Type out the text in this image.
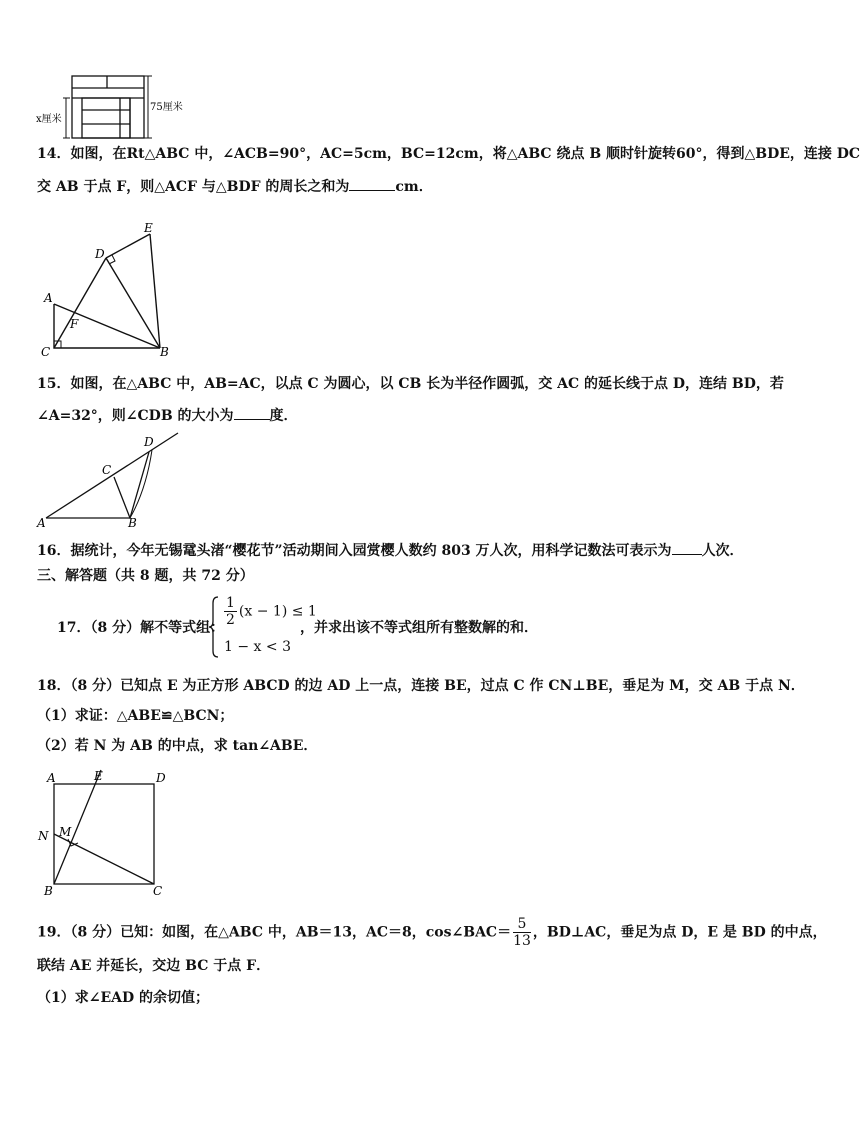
x厘米
75厘米
14．如图，在Rt△ABC 中，∠ACB=90°，AC=5cm，BC=12cm，将△ABC 绕点 B 顺时针旋转60°，得到△BDE，连接 DC
交 AB 于点 F，则△ACF 与△BDF 的周长之和为	cm．
E
D
A
F
C	B
15．如图，在△ABC 中，AB=AC，以点 C 为圆心，以 CB 长为半径作圆弧，交 AC 的延长线于点 D，连结 BD，若
∠A=32°，则∠CDB 的大小为	度．
D
C
A	B
16．据统计，今年无锡鼋头渚“樱花节”活动期间入园赏樱人数约 803 万人次，用科学记数法可表示为 人次．
三、解答题（共 8 题，共 72 分）
17．（8 分）解不等式组： $\frac{1}{2} (x - 1) \le 1$
1 − x < 3
，并求出该不等式组所有整数解的和．
18．（8 分）已知点 E 为正方形 ABCD 的边 AD 上一点，连接 BE，过点 C 作 CN⊥BE，垂足为 M，交 AB 于点 N．
（1）求证：△ABE≌△BCN；
（2）若 N 为 AB 的中点，求 tan∠ABE．
A	E	D
N M
B	C
19．（8 分）已知：如图，在△ABC 中，AB＝13，AC＝8，cos∠BAC＝ $\frac{5}{13}$ ，BD⊥AC，垂足为点 D，E 是 BD 的中点，
联结 AE 并延长，交边 BC 于点 F．
（1）求∠EAD 的余切值；
